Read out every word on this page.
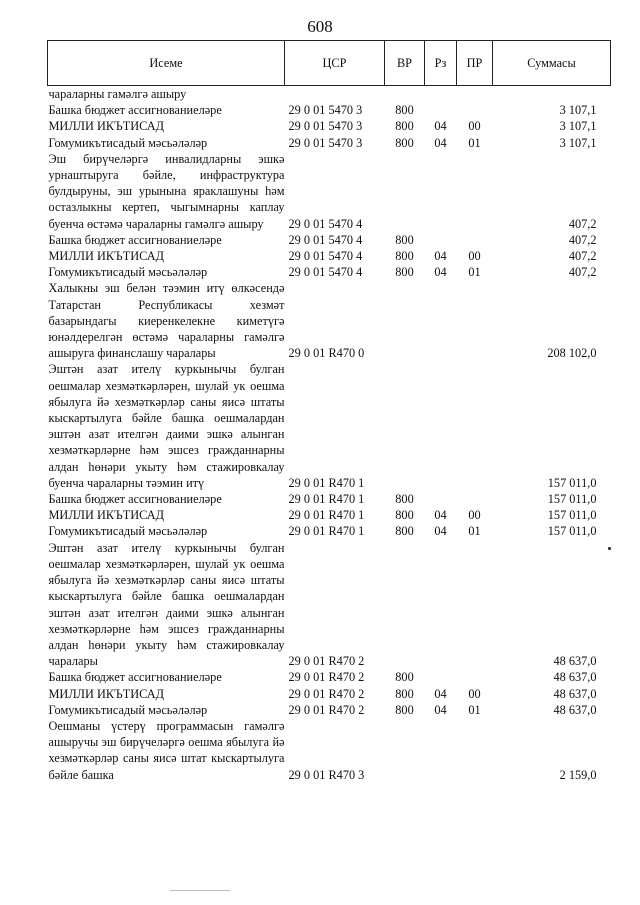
608
Исеме	ЦСР	ВР	Рз	ПР	Суммасы
чараларны гамәлгә ашыру					
Башка бюджет ассигнованиеләре	29 0 01 5470 3	800			3 107,1
МИЛЛИ ИКЪТИСАД	29 0 01 5470 3	800	04	00	3 107,1
Гомумикътисадый мәсьәләләр	29 0 01 5470 3	800	04	01	3 107,1
Эш бирүчеләргә инвалидларны эшкә урнаштыруга бәйле, инфраструктура булдыруны, эш урынына яраклашуны һәм остазлыкны кертеп, чыгымнарны каплау буенча өстәмә чараларны гамәлгә ашыру	29 0 01 5470 4				407,2
Башка бюджет ассигнованиеләре	29 0 01 5470 4	800			407,2
МИЛЛИ ИКЪТИСАД	29 0 01 5470 4	800	04	00	407,2
Гомумикътисадый мәсьәләләр	29 0 01 5470 4	800	04	01	407,2
Халыкны эш белән тәэмин итү өлкәсендә Татарстан Республикасы хезмәт базарындагы киеренкелекне киметүгә юнәлдерелгән өстәмә чараларны гамәлгә ашыруга финанслашу чаралары	29 0 01 R470 0				208 102,0
Эштән азат ителү куркынычы булган оешмалар хезмәткәрләрен, шулай ук оешма ябылуга йә хезмәткәрләр саны яисә штаты кыскартылуга бәйле башка оешмалардан эштән азат ителгән даими эшкә алынган хезмәткәрләрне һәм эшсез гражданнарны алдан һөнәри укыту һәм стажировкалау буенча чараларны тәэмин итү	29 0 01 R470 1				157 011,0
Башка бюджет ассигнованиеләре	29 0 01 R470 1	800			157 011,0
МИЛЛИ ИКЪТИСАД	29 0 01 R470 1	800	04	00	157 011,0
Гомумикътисадый мәсьәләләр	29 0 01 R470 1	800	04	01	157 011,0
Эштән азат ителү куркынычы булган оешмалар хезмәткәрләрен, шулай ук оешма ябылуга йә хезмәткәрләр саны яисә штаты кыскартылуга бәйле башка оешмалардан эштән азат ителгән даими эшкә алынган хезмәткәрләрне һәм эшсез гражданнарны алдан һөнәри укыту һәм стажировкалау чаралары	29 0 01 R470 2				48 637,0
Башка бюджет ассигнованиеләре	29 0 01 R470 2	800			48 637,0
МИЛЛИ ИКЪТИСАД	29 0 01 R470 2	800	04	00	48 637,0
Гомумикътисадый мәсьәләләр	29 0 01 R470 2	800	04	01	48 637,0
Оешманы үстерү программасын гамәлгә ашыручы эш бирүчеләргә оешма ябылуга йә хезмәткәрләр саны яисә штат кыскартылуга бәйле башка	29 0 01 R470 3				2 159,0
